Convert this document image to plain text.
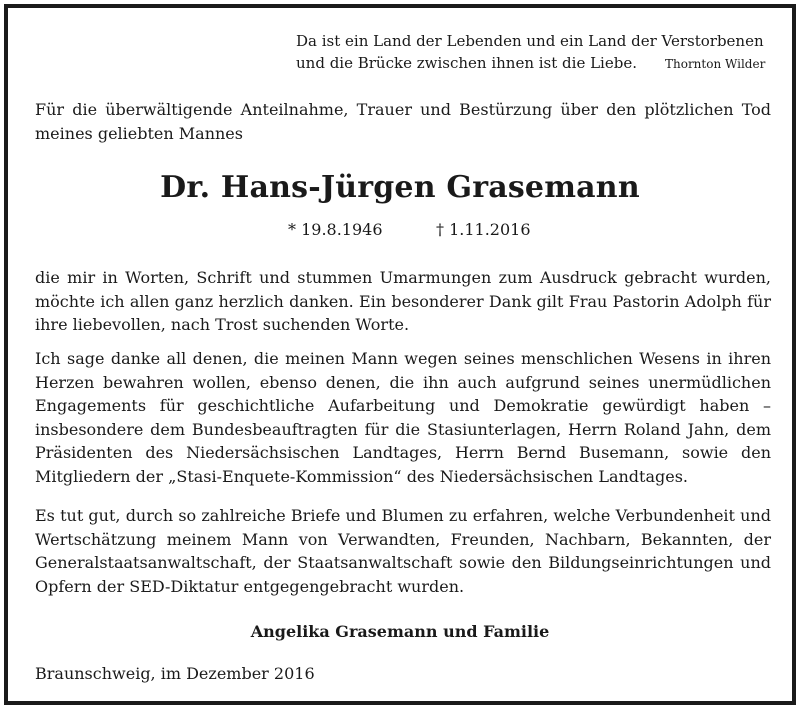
Da ist ein Land der Lebenden und ein Land der Verstorbenen
und die Brücke zwischen ihnen ist die Liebe. Thornton Wilder

Für die überwältigende Anteilnahme, Trauer und Bestürzung über den plötzlichen Tod meines geliebten Mannes

Dr. Hans-Jürgen Grasemann
* 19.8.1946	† 1.11.2016

die mir in Worten, Schrift und stummen Umarmungen zum Ausdruck gebracht wurden, möchte ich allen ganz herzlich danken. Ein besonderer Dank gilt Frau Pastorin Adolph für ihre liebevollen, nach Trost suchenden Worte.

Ich sage danke all denen, die meinen Mann wegen seines menschlichen Wesens in ihren Herzen bewahren wollen, ebenso denen, die ihn auch aufgrund seines unermüdlichen Engagements für geschichtliche Aufarbeitung und Demokratie gewürdigt haben – insbesondere dem Bundesbeauftragten für die Stasiunterlagen, Herrn Roland Jahn, dem Präsidenten des Niedersächsischen Landtages, Herrn Bernd Busemann, sowie den Mitgliedern der „Stasi-Enquete-Kommission“ des Niedersächsischen Landtages.

Es tut gut, durch so zahlreiche Briefe und Blumen zu erfahren, welche Verbundenheit und Wertschätzung meinem Mann von Verwandten, Freunden, Nachbarn, Bekannten, der Generalstaatsanwaltschaft, der Staatsanwaltschaft sowie den Bildungseinrichtungen und Opfern der SED-Diktatur entgegengebracht wurden.

Angelika Grasemann und Familie
Braunschweig, im Dezember 2016
